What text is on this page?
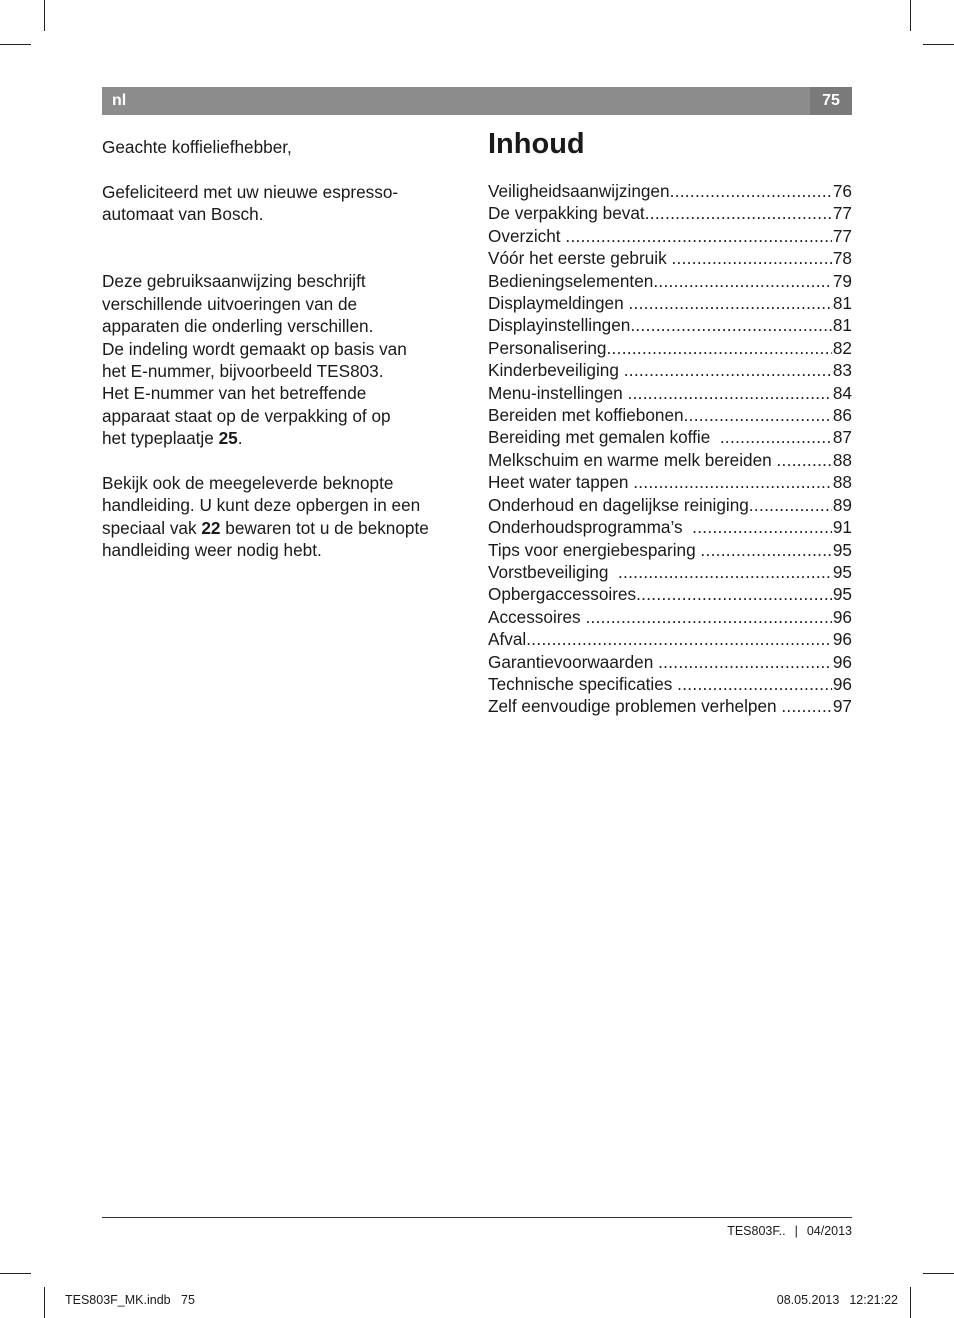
nl	75

Geachte koffieliefhebber,

Gefeliciteerd met uw nieuwe espresso-

automaat van Bosch.

Deze gebruiksaanwijzing beschrijft

verschillende uitvoeringen van de

apparaten die onderling verschillen.

De indeling wordt gemaakt op basis van

het E-nummer, bijvoorbeeld TES803.

Het E-nummer van het betreffende

apparaat staat op de verpakking of op

het typeplaatje 25.

Bekijk ook de meegeleverde beknopte

handleiding. U kunt deze opbergen in een

speciaal vak 22 bewaren tot u de beknopte

handleiding weer nodig hebt.

Inhoud
Veiligheidsaanwijzingen .....	76
De verpakking bevat .....	77
Overzicht .....	77
Vóór het eerste gebruik .....	78
Bedieningselementen .....	79
Displaymeldingen .....	81
Displayinstellingen .....	81
Personalisering .....	82
Kinderbeveiliging .....	83
Menu-instellingen .....	84
Bereiden met koffiebonen .....	86
Bereiding met gemalen koffie .....	87
Melkschuim en warme melk bereiden .....	88
Heet water tappen .....	88
Onderhoud en dagelijkse reiniging .....	89
Onderhoudsprogramma’s .....	91
Tips voor energiebesparing .....	95
Vorstbeveiliging .....	95
Opbergaccessoires .....	95
Accessoires .....	96
Afval .....	96
Garantievoorwaarden .....	96
Technische specificaties .....	96
Zelf eenvoudige problemen verhelpen .....	97
TES803F.. | 04/2013
TES803F_MK.indb   75	08.05.2013 12:21:22
